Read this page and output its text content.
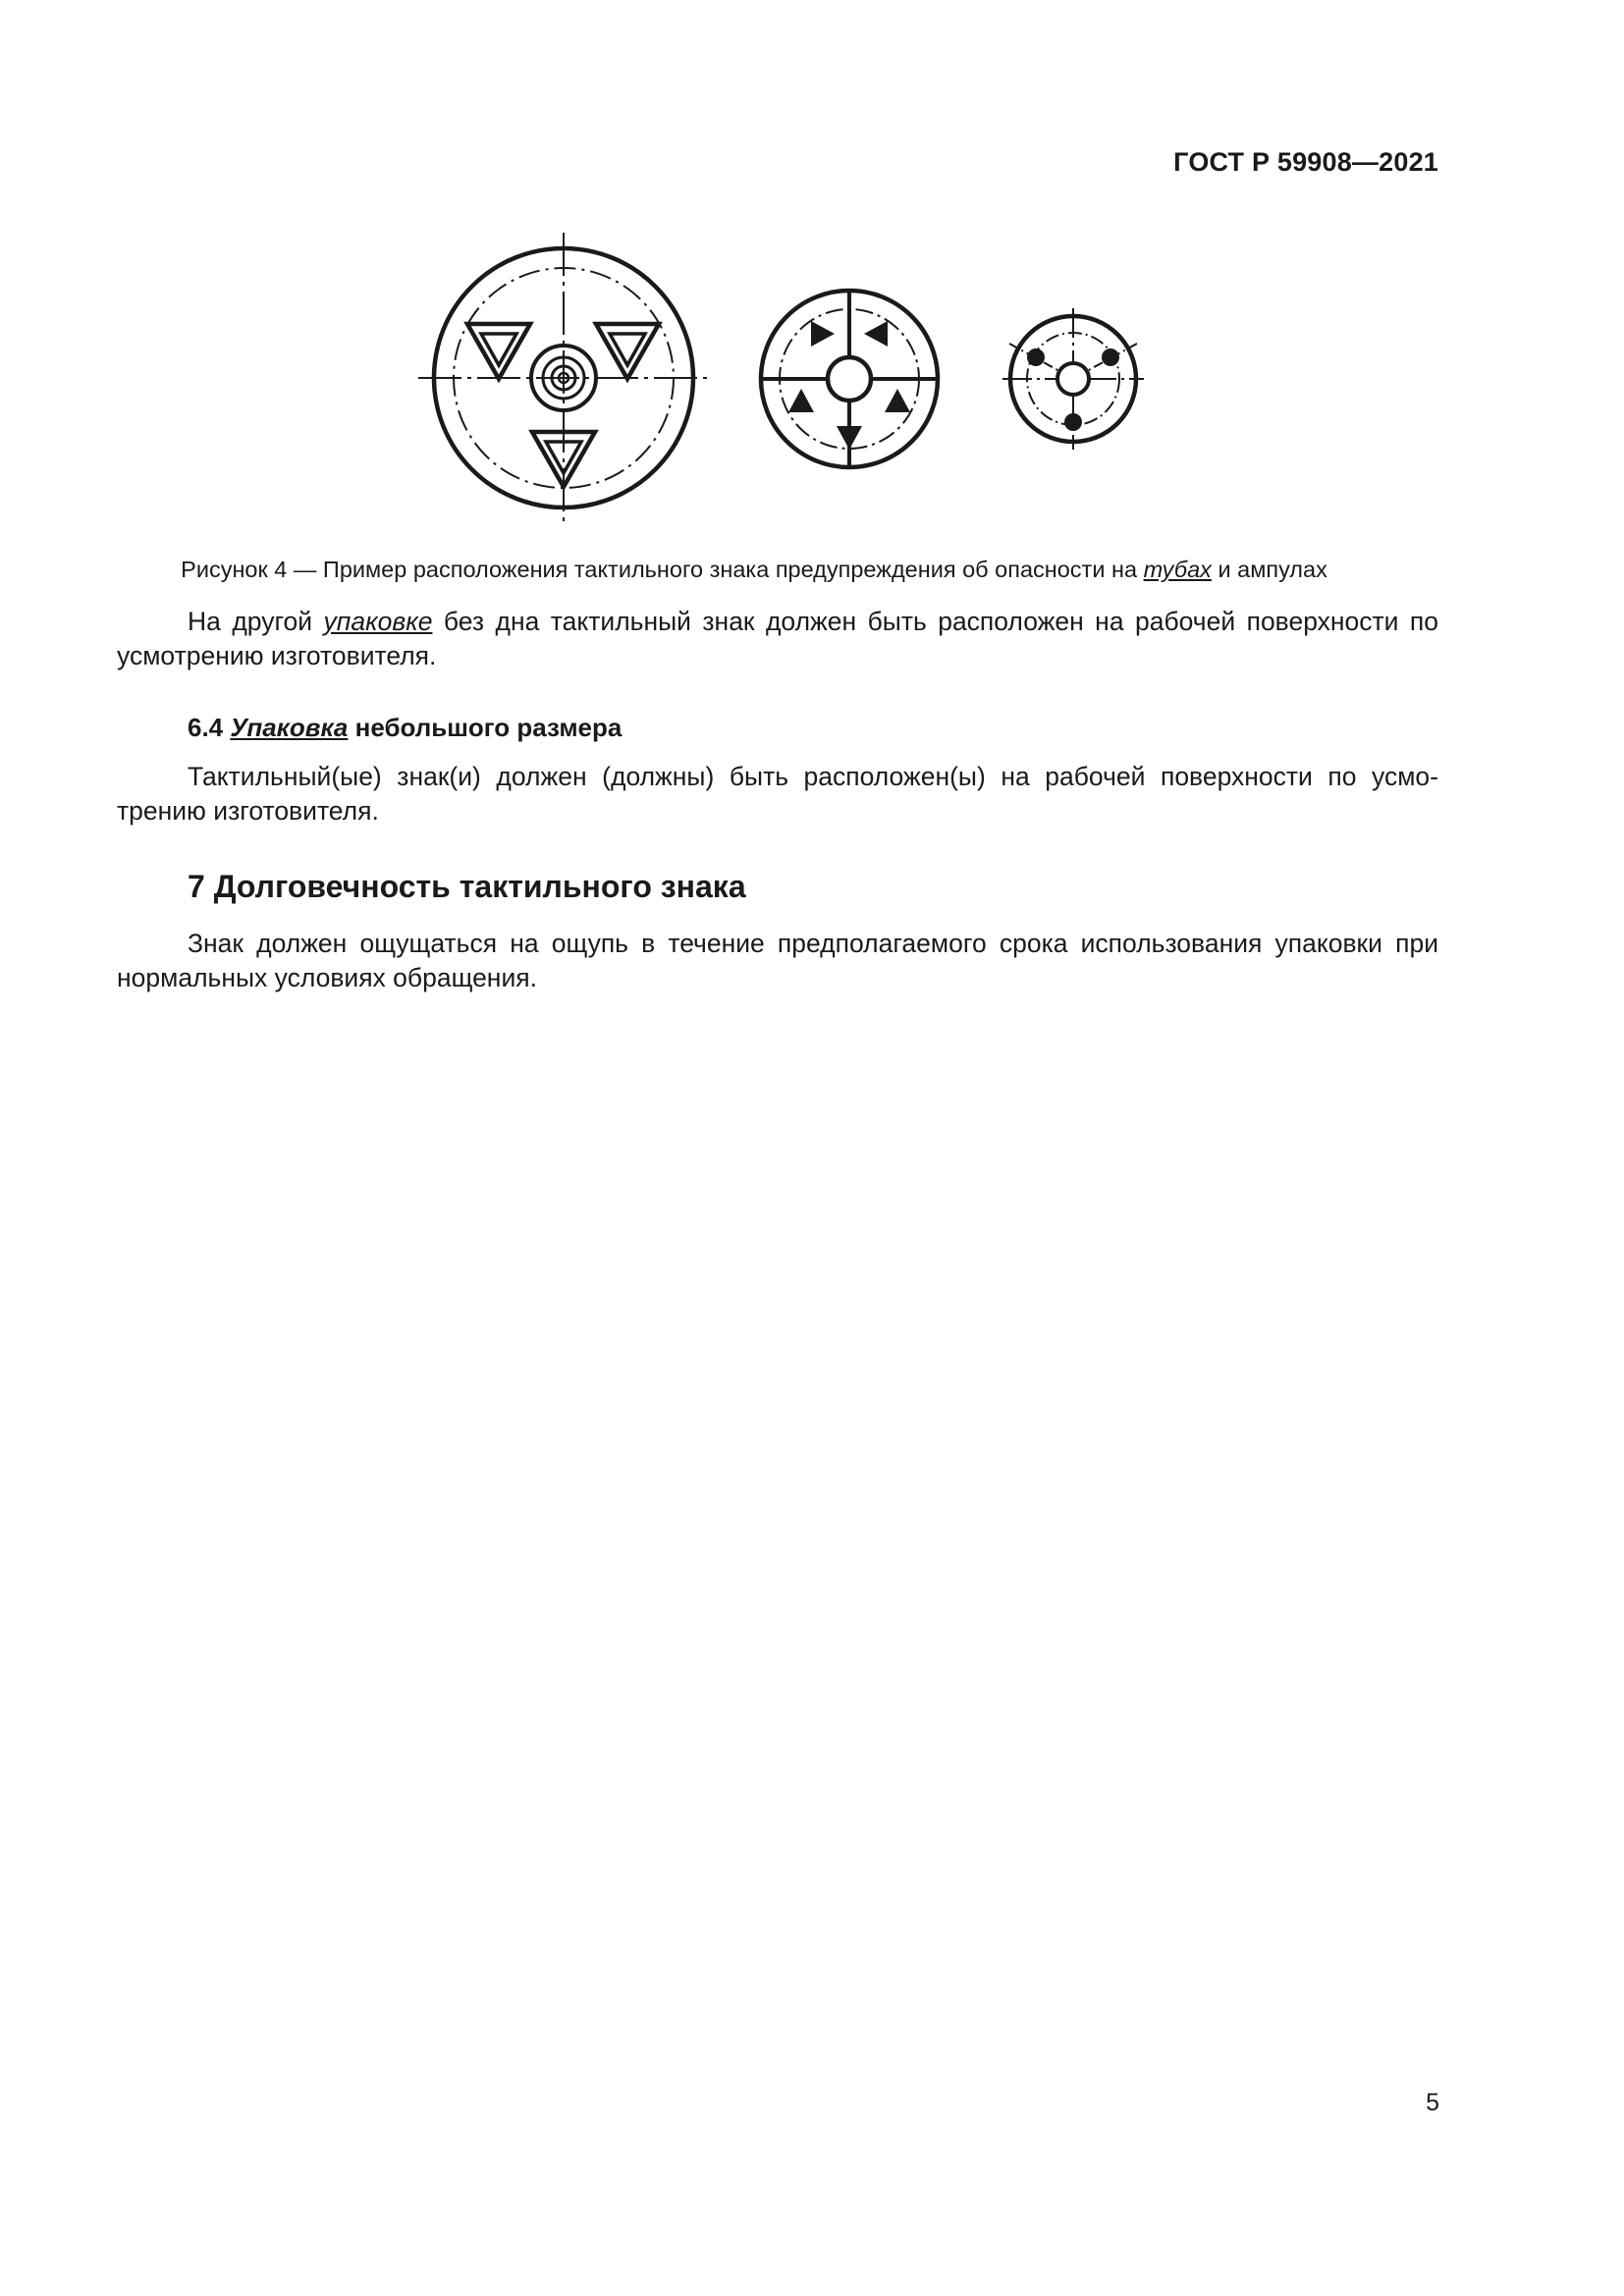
ГОСТ Р 59908—2021
Рисунок 4 — Пример расположения тактильного знака предупреждения об опасности на тубах и ампулах

На другой упаковке без дна тактильный знак должен быть расположен на рабочей поверхности по усмотрению изготовителя.

6.4 Упаковка небольшого размера

Тактильный(ые) знак(и) должен (должны) быть расположен(ы) на рабочей поверхности по усмо-трению изготовителя.

7 Долговечность тактильного знака

Знак должен ощущаться на ощупь в течение предполагаемого срока использования упаковки при нормальных условиях обращения.

5
